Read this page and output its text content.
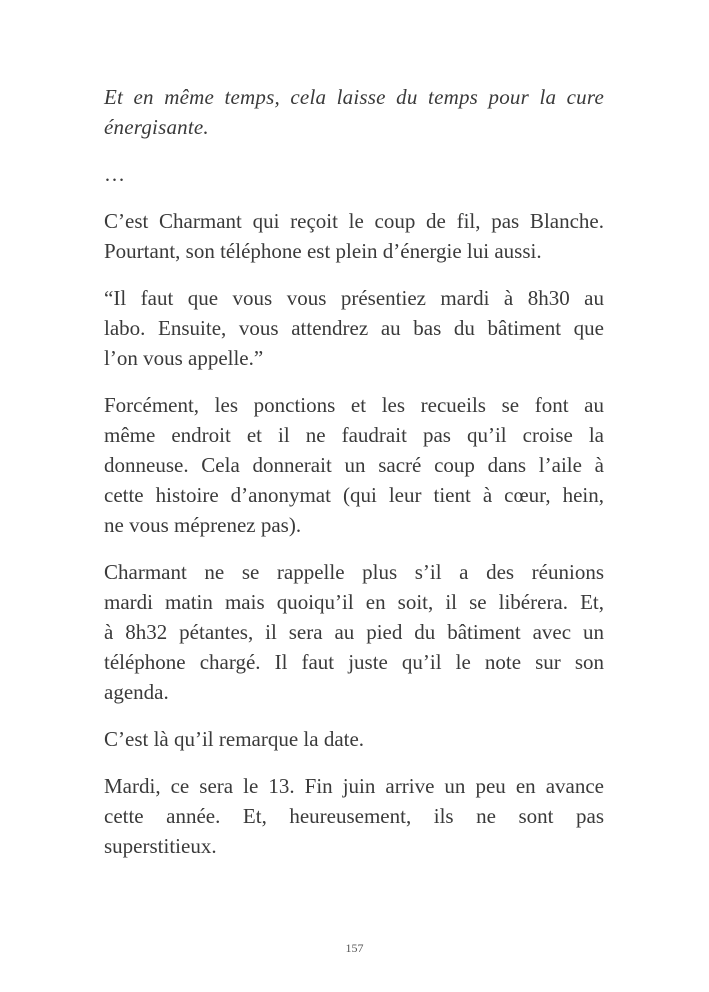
Et en même temps, cela laisse du temps pour la cure
énergisante.
…
C’est Charmant qui reçoit le coup de fil, pas Blanche.
Pourtant, son téléphone est plein d’énergie lui aussi.
“Il faut que vous vous présentiez mardi à 8h30 au
labo. Ensuite, vous attendrez au bas du bâtiment que
l’on vous appelle.”
Forcément, les ponctions et les recueils se font au
même endroit et il ne faudrait pas qu’il croise la
donneuse. Cela donnerait un sacré coup dans l’aile à
cette histoire d’anonymat (qui leur tient à cœur, hein,
ne vous méprenez pas).
Charmant ne se rappelle plus s’il a des réunions
mardi matin mais quoiqu’il en soit, il se libérera. Et,
à 8h32 pétantes, il sera au pied du bâtiment avec un
téléphone chargé. Il faut juste qu’il le note sur son
agenda.
C’est là qu’il remarque la date.
Mardi, ce sera le 13. Fin juin arrive un peu en avance
cette année. Et, heureusement, ils ne sont pas
superstitieux.
157
